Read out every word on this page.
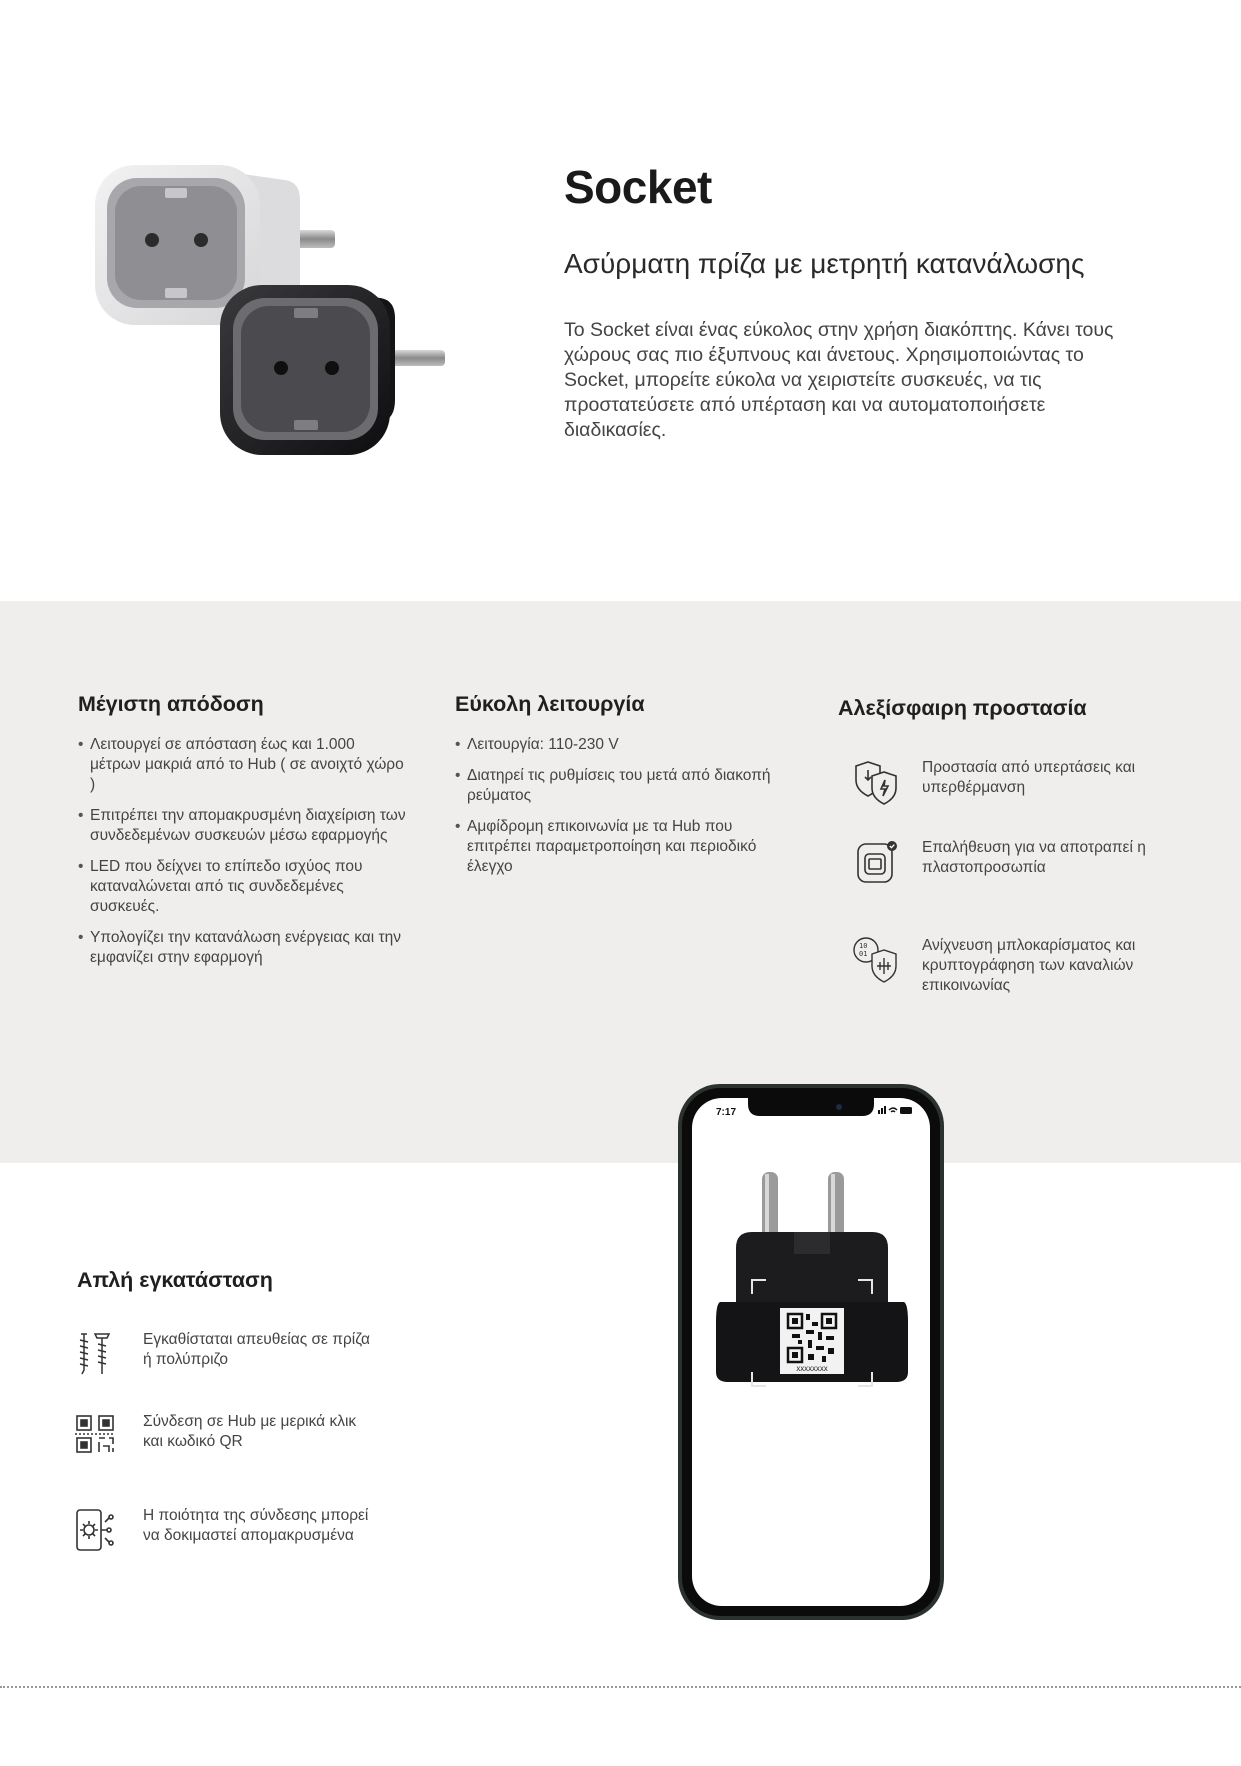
Socket
Ασύρματη πρίζα με μετρητή κατανάλωσης

Το Socket είναι ένας εύκολος στην χρήση διακόπτης. Κάνει τους χώρους σας πιο έξυπνους και άνετους. Χρησιμοποιώντας το Socket, μπορείτε εύκολα να χειριστείτε συσκευές, να τις προστατεύσετε από υπέρταση και να αυτοματοποιήσετε διαδικασίες.

Μέγιστη απόδοση
• Λειτουργεί σε απόσταση έως και 1.000 μέτρων μακριά από το Hub ( σε ανοιχτό χώρο )
• Επιτρέπει την απομακρυσμένη διαχείριση των συνδεδεμένων συσκευών μέσω εφαρμογής
• LED που δείχνει το επίπεδο ισχύος που καταναλώνεται από τις συνδεδεμένες συσκευές.
• Υπολογίζει την κατανάλωση ενέργειας και την εμφανίζει στην εφαρμογή
Εύκολη λειτουργία
• Λειτουργία: 110-230 V
• Διατηρεί τις ρυθμίσεις του μετά από διακοπή ρεύματος
• Αμφίδρομη επικοινωνία με τα Hub που επιτρέπει παραμετροποίηση και περιοδικό έλεγχο
Αλεξίσφαιρη προστασία
Προστασία από υπερτάσεις και υπερθέρμανση
Επαλήθευση για να αποτραπεί η πλαστοπροσωπία
10
01	Ανίχνευση μπλοκαρίσματος και κρυπτογράφηση των καναλιών επικοινωνίας
Απλή εγκατάσταση
Εγκαθίσταται απευθείας σε πρίζα ή πολύπριζο
Σύνδεση σε Hub με μερικά κλικ και κωδικό QR
Η ποιότητα της σύνδεσης μπορεί να δοκιμαστεί απομακρυσμένα
7:17
XXXXXXXX
